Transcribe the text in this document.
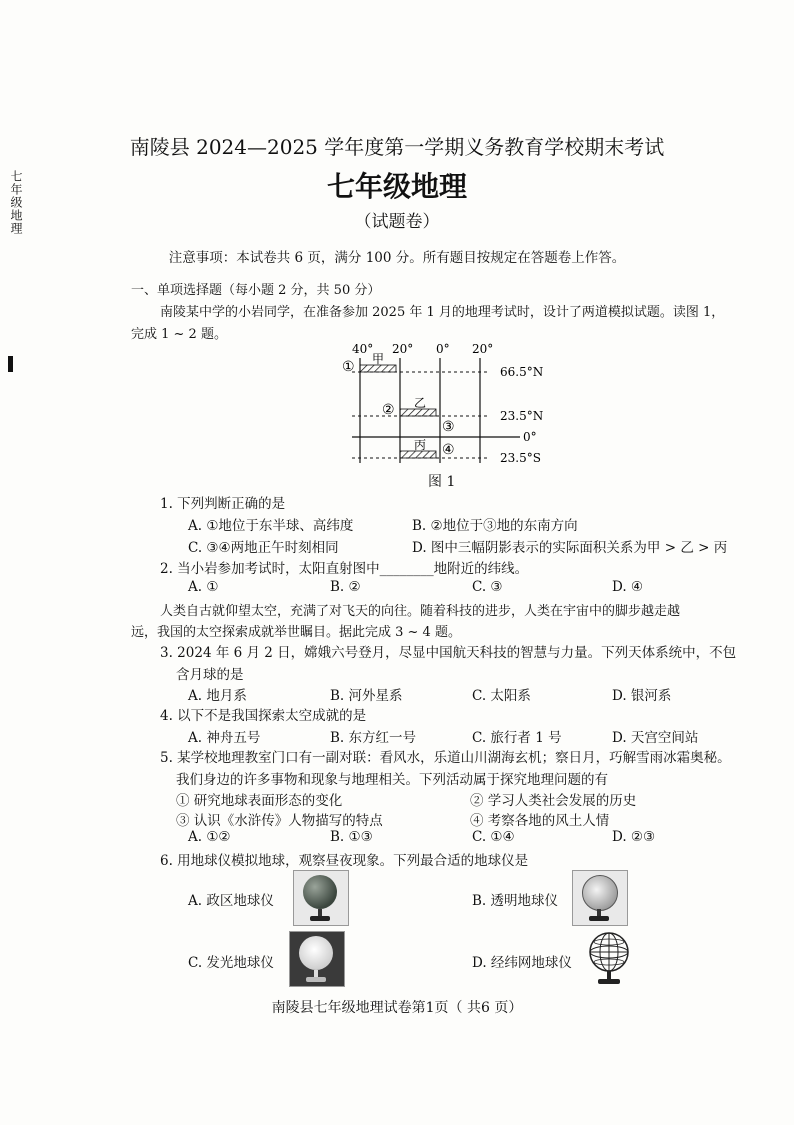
七年级地理
南陵县 2024—2025 学年度第一学期义务教育学校期末考试
七年级地理
（试题卷）
注意事项：本试卷共 6 页，满分 100 分。所有题目按规定在答题卷上作答。
一、单项选择题（每小题 2 分，共 50 分）
南陵某中学的小岩同学，在准备参加 2025 年 1 月的地理考试时，设计了两道模拟试题。读图 1，
完成 1 ~ 2 题。
40° 20° 0° 20°
甲
乙
丙
①
②
③
④
66.5°N
23.5°N
0°
23.5°S
图 1
1. 下列判断正确的是
A. ①地位于东半球、高纬度	B. ②地位于③地的东南方向
C. ③④两地正午时刻相同	D. 图中三幅阴影表示的实际面积关系为甲 > 乙 > 丙
2. 当小岩参加考试时，太阳直射图中________地附近的纬线。
A. ①	B. ②	C. ③	D. ④
人类自古就仰望太空，充满了对飞天的向往。随着科技的进步，人类在宇宙中的脚步越走越
远，我国的太空探索成就举世瞩目。据此完成 3 ~ 4 题。
3. 2024 年 6 月 2 日，嫦娥六号登月，尽显中国航天科技的智慧与力量。下列天体系统中，不包
含月球的是
A. 地月系	B. 河外星系	C. 太阳系	D. 银河系
4. 以下不是我国探索太空成就的是
A. 神舟五号	B. 东方红一号	C. 旅行者 1 号	D. 天宫空间站
5. 某学校地理教室门口有一副对联：看风水，乐道山川湖海玄机；察日月，巧解雪雨冰霜奥秘。
我们身边的许多事物和现象与地理相关。下列活动属于探究地理问题的有
① 研究地球表面形态的变化	② 学习人类社会发展的历史
③ 认识《水浒传》人物描写的特点	④ 考察各地的风土人情
A. ①②	B. ①③	C. ①④	D. ②③
6. 用地球仪模拟地球，观察昼夜现象。下列最合适的地球仪是
A. 政区地球仪	B. 透明地球仪
C. 发光地球仪	D. 经纬网地球仪
南陵县七年级地理试卷第1页（ 共6 页）
